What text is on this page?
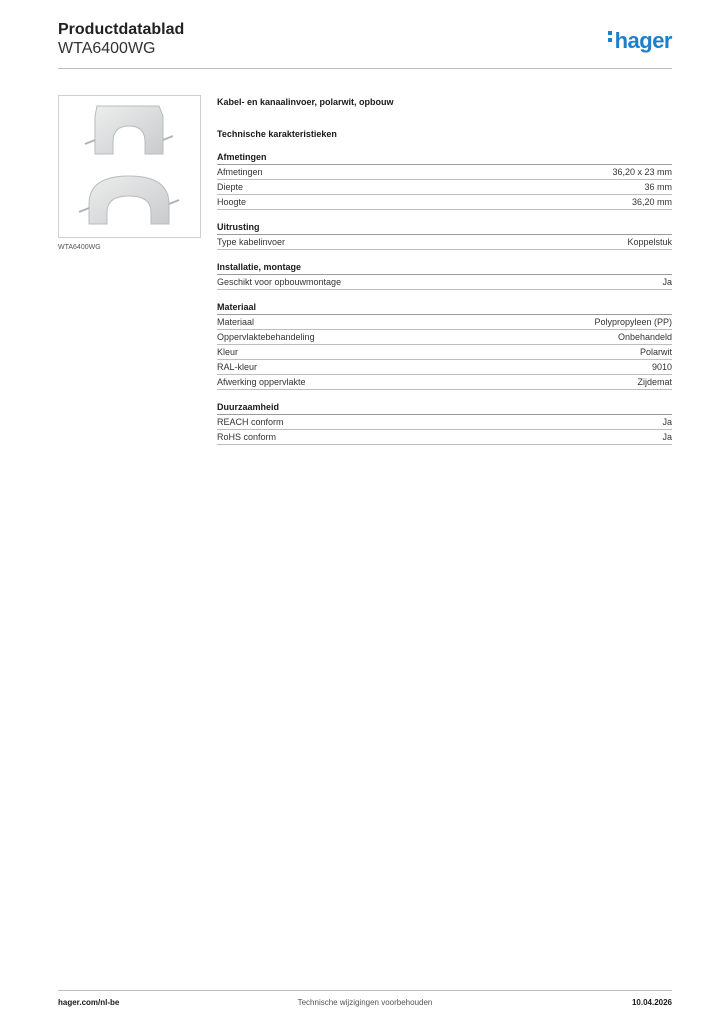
Productdatablad
WTA6400WG	hager
WTA6400WG
Kabel- en kanaalinvoer, polarwit, opbouw
Technische karakteristieken
Afmetingen
Afmetingen	36,20 x 23 mm
Diepte	36 mm
Hoogte	36,20 mm
Uitrusting
Type kabelinvoer	Koppelstuk
Installatie, montage
Geschikt voor opbouwmontage	Ja
Materiaal
Materiaal	Polypropyleen (PP)
Oppervlaktebehandeling	Onbehandeld
Kleur	Polarwit
RAL-kleur	9010
Afwerking oppervlakte	Zijdemat
Duurzaamheid
REACH conform	Ja
RoHS conform	Ja
hager.com/nl-be	Technische wijzigingen voorbehouden	10.04.2026
